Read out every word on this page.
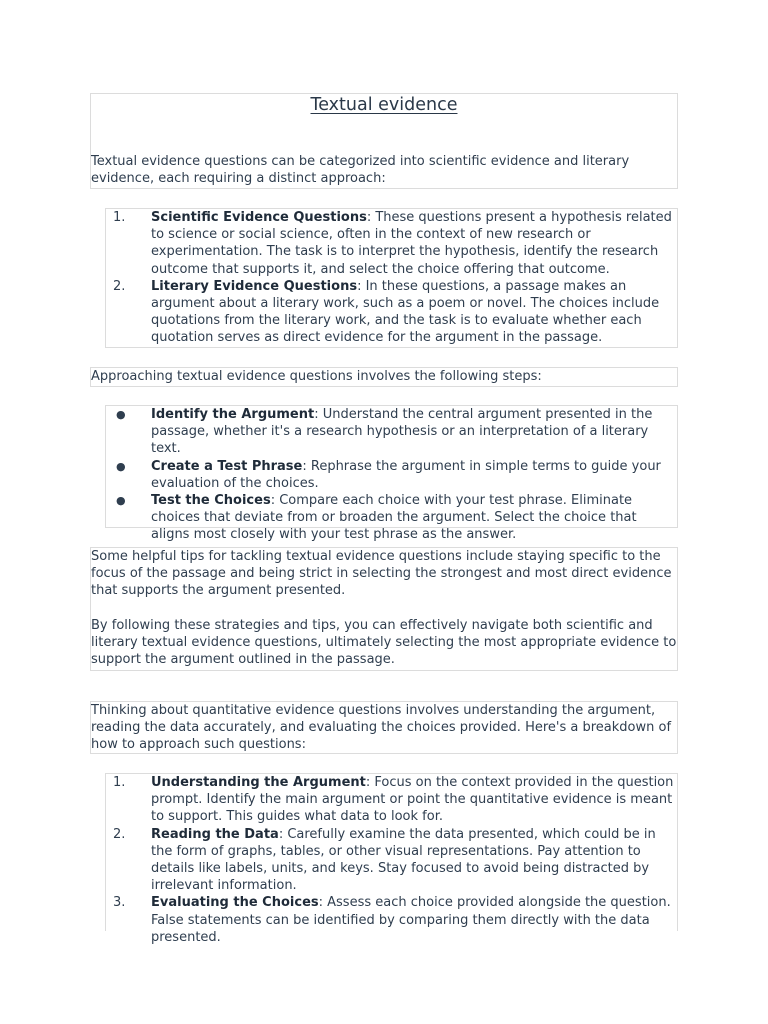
Textual evidence

Textual evidence questions can be categorized into scientific evidence and literary evidence, each requiring a distinct approach:

1. Scientific Evidence Questions: These questions present a hypothesis related to science or social science, often in the context of new research or experimentation. The task is to interpret the hypothesis, identify the research outcome that supports it, and select the choice offering that outcome.
2. Literary Evidence Questions: In these questions, a passage makes an argument about a literary work, such as a poem or novel. The choices include quotations from the literary work, and the task is to evaluate whether each quotation serves as direct evidence for the argument in the passage.

Approaching textual evidence questions involves the following steps:

● Identify the Argument: Understand the central argument presented in the passage, whether it's a research hypothesis or an interpretation of a literary text.
● Create a Test Phrase: Rephrase the argument in simple terms to guide your evaluation of the choices.
● Test the Choices: Compare each choice with your test phrase. Eliminate choices that deviate from or broaden the argument. Select the choice that aligns most closely with your test phrase as the answer.

Some helpful tips for tackling textual evidence questions include staying specific to the focus of the passage and being strict in selecting the strongest and most direct evidence that supports the argument presented.

By following these strategies and tips, you can effectively navigate both scientific and literary textual evidence questions, ultimately selecting the most appropriate evidence to support the argument outlined in the passage.

Thinking about quantitative evidence questions involves understanding the argument, reading the data accurately, and evaluating the choices provided. Here's a breakdown of how to approach such questions:

1. Understanding the Argument: Focus on the context provided in the question prompt. Identify the main argument or point the quantitative evidence is meant to support. This guides what data to look for.
2. Reading the Data: Carefully examine the data presented, which could be in the form of graphs, tables, or other visual representations. Pay attention to details like labels, units, and keys. Stay focused to avoid being distracted by irrelevant information.
3. Evaluating the Choices: Assess each choice provided alongside the question. False statements can be identified by comparing them directly with the data presented.
